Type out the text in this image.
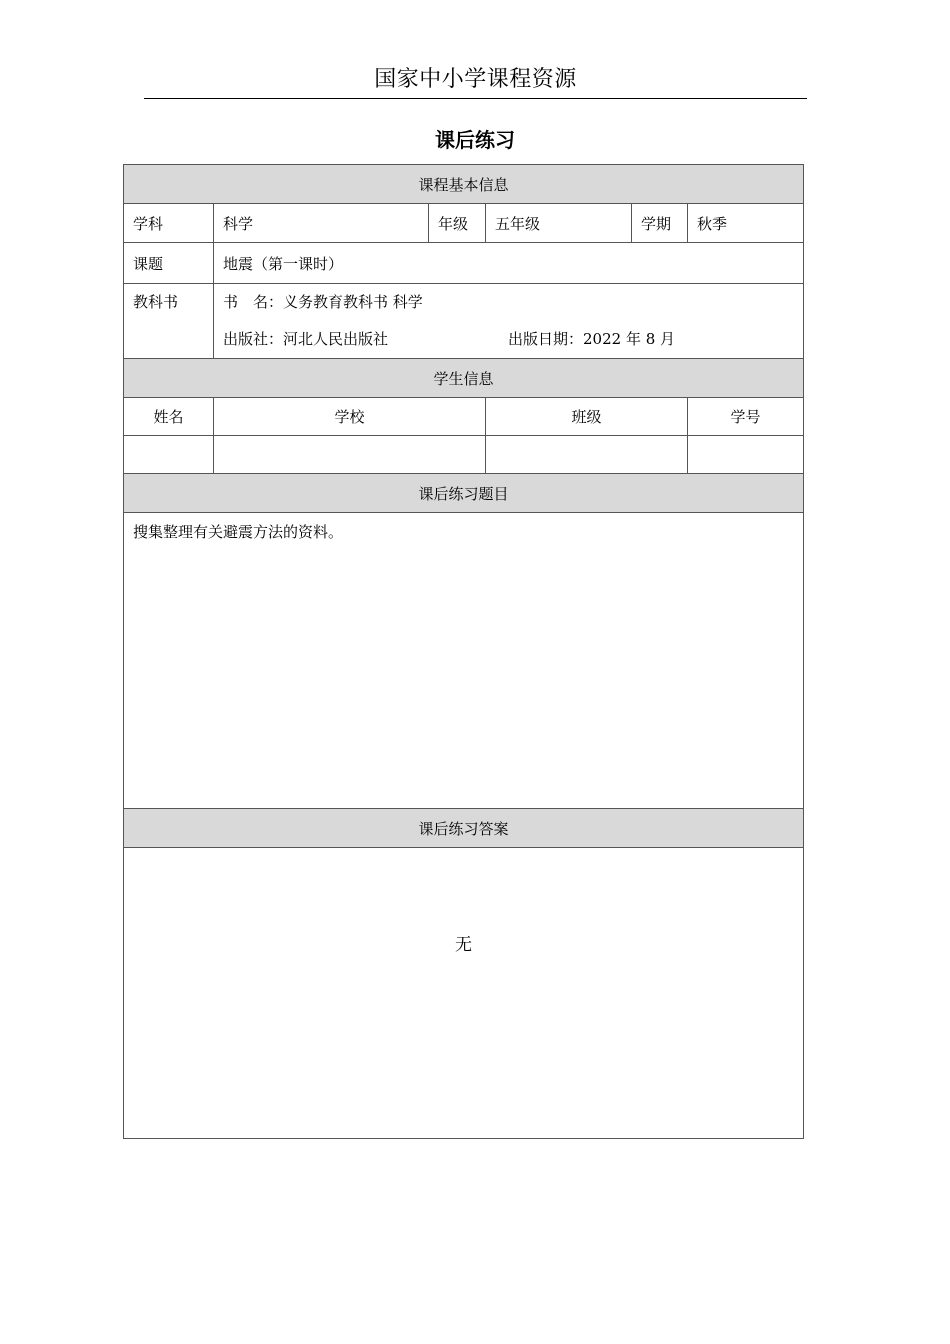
国家中小学课程资源
课后练习
课程基本信息					
学科	科学	年级	五年级	学期	秋季
课题	地震（第一课时）				

教科书	书　名：义务教育教科书 科学
出版社：河北人民出版社 出版日期：2022 年 8 月				

学生信息					
姓名	学校		班级		学号

课后练习题目					
搜集整理有关避震方法的资料。					
课后练习答案					
无					
